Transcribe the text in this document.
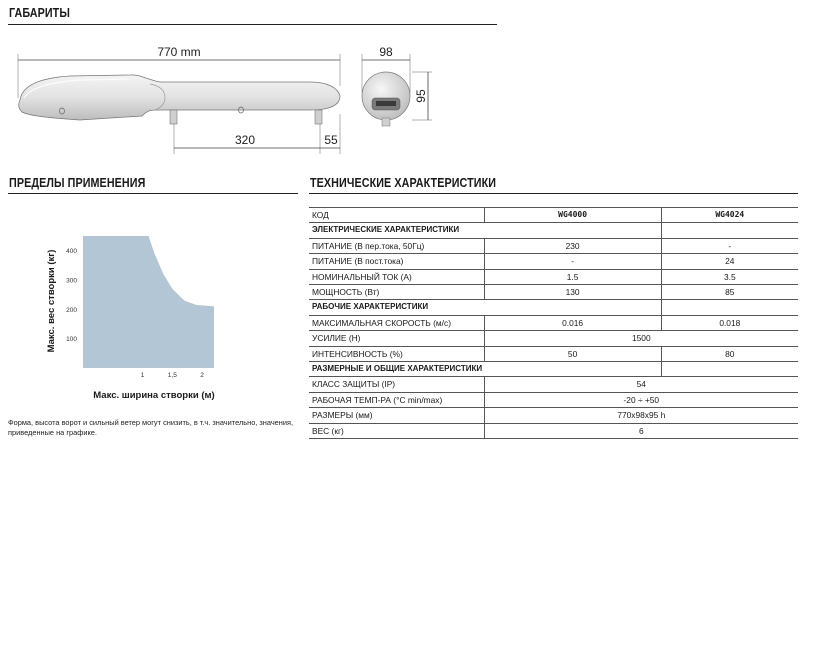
ГАБАРИТЫ
770 mm
320	55
98
95
ПРЕДЕЛЫ ПРИМЕНЕНИЯ
400
300
200
100
1	1,5	2
Макс. вес створки (кг)
Макс. ширина створки (м)
Форма, высота ворот и сильный ветер могут снизить, в т.ч. значительно, значения, приведенные на графике.
ТЕХНИЧЕСКИЕ ХАРАКТЕРИСТИКИ
КОД	WG4000	WG4024
ЭЛЕКТРИЧЕСКИЕ ХАРАКТЕРИСТИКИ		
ПИТАНИЕ (В пер.тока, 50Гц)	230	-
ПИТАНИЕ (В пост.тока)	-	24
НОМИНАЛЬНЫЙ ТОК (А)	1.5	3.5
МОЩНОСТЬ (Вт)	130	85
РАБОЧИЕ ХАРАКТЕРИСТИКИ		
МАКСИМАЛЬНАЯ СКОРОСТЬ (м/с)	0.016	0.018
УСИЛИЕ (Н)	1500	
ИНТЕНСИВНОСТЬ (%)	50	80
РАЗМЕРНЫЕ И ОБЩИЕ ХАРАКТЕРИСТИКИ		
КЛАСС ЗАЩИТЫ (IP)	54	
РАБОЧАЯ ТЕМП-РА (°C min/max)	-20 ÷ +50	
РАЗМЕРЫ (мм)	770x98x95 h	
ВЕС (кг)	6	
